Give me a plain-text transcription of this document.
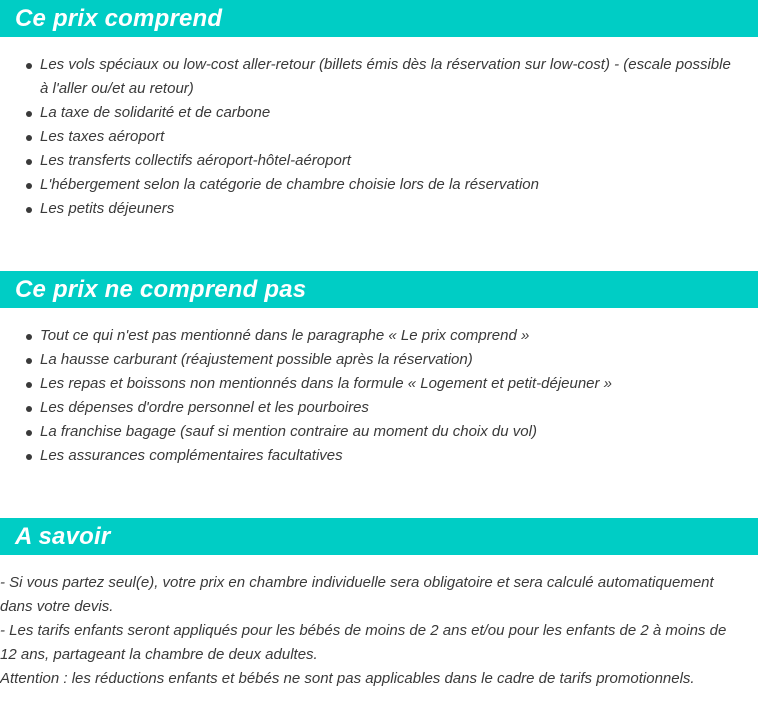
Ce prix comprend
Les vols spéciaux ou low-cost aller-retour (billets émis dès la réservation sur low-cost) - (escale possible à l'aller ou/et au retour)
La taxe de solidarité et de carbone
Les taxes aéroport
Les transferts collectifs aéroport-hôtel-aéroport
L'hébergement selon la catégorie de chambre choisie lors de la réservation
Les petits déjeuners
Ce prix ne comprend pas
Tout ce qui n'est pas mentionné dans le paragraphe « Le prix comprend »
La hausse carburant (réajustement possible après la réservation)
Les repas et boissons non mentionnés dans la formule « Logement et petit-déjeuner »
Les dépenses d'ordre personnel et les pourboires
La franchise bagage (sauf si mention contraire au moment du choix du vol)
Les assurances complémentaires facultatives
A savoir

- Si vous partez seul(e), votre prix en chambre individuelle sera obligatoire et sera calculé automatiquement dans votre devis.

- Les tarifs enfants seront appliqués pour les bébés de moins de 2 ans et/ou pour les enfants de 2 à moins de 12 ans, partageant la chambre de deux adultes.

Attention : les réductions enfants et bébés ne sont pas applicables dans le cadre de tarifs promotionnels.
